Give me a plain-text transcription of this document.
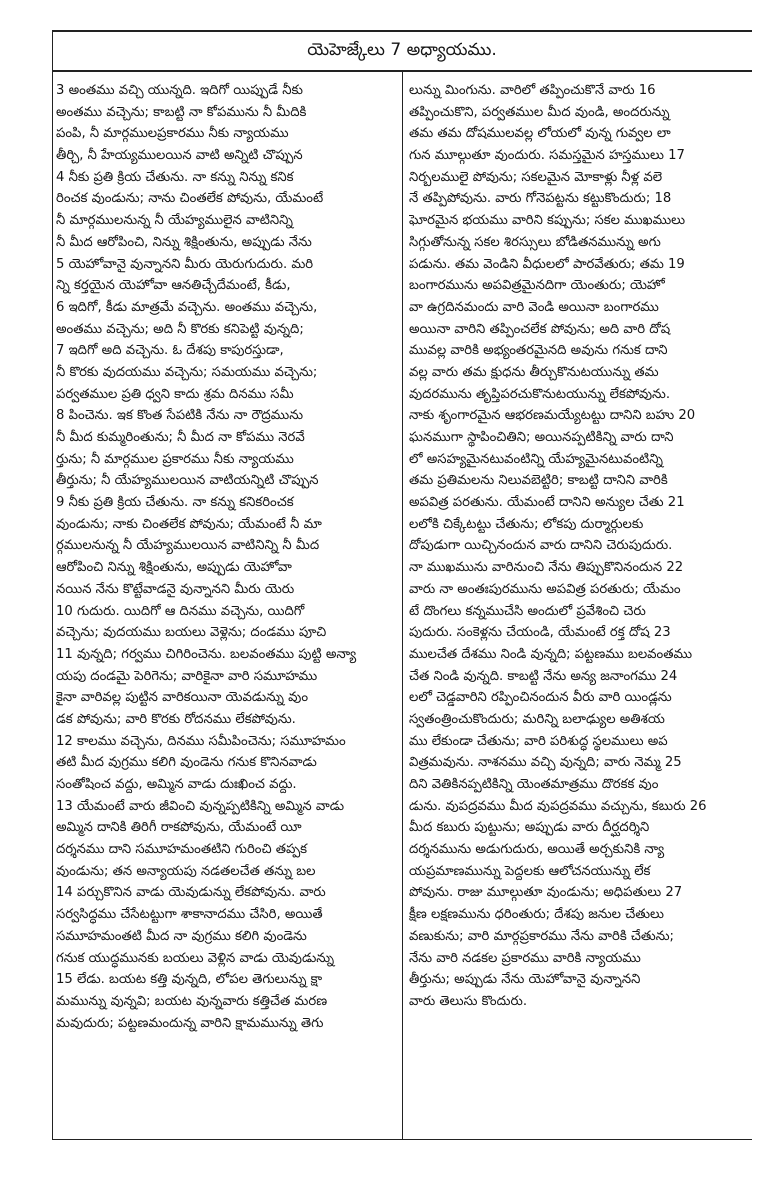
యెహెజ్కేలు 7 అధ్యాయము.
3 అంతము వచ్చి యున్నది. ఇదిగో యిప్పుడే నీకు
అంతము వచ్చెను; కాబట్టి నా కోపమును నీ మీదికి
పంపి, నీ మార్గములప్రకారము నీకు న్యాయము
తీర్చి, నీ హేయ్యములయిన వాటి అన్నిటి చొప్పున
4 నీకు ప్రతి క్రియ చేతును. నా కన్ను నిన్ను కనిక
రించక వుండును; నాను చింతలేక పోవును, యేమంటే
నీ మార్గములనున్న నీ యేహ్యములైన వాటినిన్ని
నీ మీద ఆరోపించి, నిన్ను శిక్షింతును, అప్పుడు నేను
5 యెహోవానై వున్నానని మీరు యెరుగుదురు. మరి
న్ని కర్తయైన యెహోవా ఆనతిచ్చేదేమంటే, కీడు,
6 ఇదిగో, కీడు మాత్రమే వచ్చెను. అంతము వచ్చెను,
అంతము వచ్చెను; అది నీ కొరకు కనిపెట్టి వున్నది;
7 ఇదిగో అది వచ్చెను. ఓ దేశపు కాపురస్తుడా,
నీ కొరకు వుదయము వచ్చెను; సమయము వచ్చెను;
పర్వతముల ప్రతి ధ్వని కాదు శ్రమ దినము సమీ
8 పించెను. ఇక కొంత సేపటికి నేను నా రౌద్రమును
నీ మీద కుమ్మరింతును; నీ మీద నా కోపము నెరవే
ర్తును; నీ మార్గముల ప్రకారము నీకు న్యాయము
తీర్తును; నీ యేహ్యములయిన వాటియన్నిటి చొప్పున
9 నీకు ప్రతి క్రియ చేతును. నా కన్ను కనికరించక
వుండును; నాకు చింతలేక పోవును; యేమంటే నీ మా
ర్గములనున్న నీ యేహ్యములయిన వాటినిన్ని నీ మీద
ఆరోపించి నిన్ను శిక్షింతును, అప్పుడు యెహోవా
నయిన నేను కొట్టేవాడనై వున్నానని మీరు యెరు
10 గుదురు. యిదిగో ఆ దినము వచ్చెను, యిదిగో
వచ్చెను; వుదయము బయలు వెళ్లెను; దండము పూచి
11 వున్నది; గర్వము చిగిరించెను. బలవంతము పుట్టి అన్యా
యపు దండమై పెరిగెను; వారికైనా వారి సమూహము
కైనా వారివల్ల పుట్టిన వారికయినా యెవడున్ను వుం
డక పోవును; వారి కొరకు రోదనము లేకపోవును.
12 కాలము వచ్చెను, దినము సమీపించెను; సమూహమం
తటి మీద వుగ్రము కలిగి వుండెను గనుక కొనినవాడు
సంతోషించ వద్దు, అమ్మిన వాడు దుఃఖించ వద్దు.
13 యేమంటే వారు జీవించి వున్నప్పటికిన్ని అమ్మిన వాడు
అమ్మిన దానికి తిరిగీ రాకపోవును, యేమంటే యీ
దర్శనము దాని సమూహమంతటిని గురించి తప్పక
వుండును; తన అన్యాయపు నడతలచేత తన్ను బల
14 పర్చుకొనిన వాడు యెవుడున్ను లేకపోవును. వారు
సర్వసిద్ధము చేసేటట్టుగా శాకానాదము చేసిరి, అయితే
సమూహమంతటి మీద నా వుగ్రము కలిగి వుండెను
గనుక యుద్ధమునకు బయలు వెళ్లిన వాడు యెవుడున్ను
15 లేడు. బయట కత్తి వున్నది, లోపల తెగులున్ను క్షా
మమున్ను వున్నవి; బయట వున్నవారు కత్తిచేత మరణ
మవుదురు; పట్టణమందున్న వారిని క్షామమున్ను తెగు
లున్ను మింగును. వారిలో తప్పించుకొనే వారు 16
తప్పించుకొని, పర్వతముల మీద వుండి, అందరున్ను
తమ తమ దోషములవల్ల లోయలో వున్న గువ్వల లా
గున మూల్గుతూ వుందురు. సమస్తమైన హస్తములు 17
నిర్బలములై పోవును; సకలమైన మోకాళ్లు నీళ్ల వలె
నే తప్పిపోవును. వారు గోనెపట్టను కట్టుకొందురు; 18
ఘోరమైన భయము వారిని కప్పును; సకల ముఖములు
సిగ్గుతోనున్న సకల శిరస్సులు బోడితనమున్ను అగు
పడును. తమ వెండిని వీధులలో పారవేతురు; తమ 19
బంగారమును అపవిత్రమైనదిగా యెంతురు; యెహో
వా ఉగ్రదినమందు వారి వెండి అయినా బంగారము
అయినా వారిని తప్పించలేక పోవును; అది వారి దోష
మువల్ల వారికి అభ్యంతరమైనది అవును గనుక దాని
వల్ల వారు తమ క్షుధను తీర్చుకొనుటయున్ను తమ
వుదరమును తృప్తిపరచుకొనుటయున్ను లేకపోవును.
నాకు శృంగారమైన ఆభరణమయ్యేటట్టు దానిని బహు 20
ఘనముగా స్థాపించితిని; అయినప్పటికిన్ని వారు దాని
లో అసహ్యమైనటువంటిన్ని యేహ్యమైనటువంటిన్ని
తమ ప్రతిమలను నిలువబెట్టిరి; కాబట్టి దానిని వారికి
అపవిత్ర పరతును. యేమంటే దానిని అన్యుల చేతు 21
లలోకి చిక్కేటట్టు చేతును; లోకపు దుర్మార్గులకు
దోపుడుగా యిచ్చినందున వారు దానిని చెరుపుదురు.
నా ముఖమును వారినుంచి నేను తిప్పుకొనినందున 22
వారు నా అంతఃపురమును అపవిత్ర పరతురు; యేమం
టే దొంగలు కన్నముచేసి అందులో ప్రవేశించి చెరు
పుదురు. సంకెళ్లను చేయండి, యేమంటే రక్త దోష 23
ములచేత దేశము నిండి వున్నది; పట్టణము బలవంతము
చేత నిండి వున్నది. కాబట్టి నేను అన్య జనాంగము 24
లలో చెడ్డవారిని రప్పించినందున వీరు వారి యిండ్లను
స్వతంత్రించుకొందురు; మరిన్ని బలాఢ్యుల అతిశయ
ము లేకుండా చేతును; వారి పరిశుద్ధ స్థలములు అప
విత్రమవును. నాశనము వచ్చి వున్నది; వారు నెమ్మ 25
దిని వెతికినప్పటికిన్ని యెంతమాత్రము దొరకక వుం
డును. వుపద్రవము మీద వుపద్రవము వచ్చును, కబురు 26
మీద కబురు పుట్టును; అప్పుడు వారు దీర్ఘదర్శిని
దర్శనమును అడుగుదురు, అయితే అర్చకునికి న్యా
యప్రమాణమున్ను పెద్దలకు ఆలోచనయున్ను లేక
పోవును. రాజు మూల్గుతూ వుండును; అధిపతులు 27
క్షీణ లక్షణమును ధరింతురు; దేశపు జనుల చేతులు
వణుకును; వారి మార్గప్రకారము నేను వారికి చేతును;
నేను వారి నడకల ప్రకారము వారికి న్యాయము
తీర్తును; అప్పుడు నేను యెహోవానై వున్నానని
వారు తెలుసు కొందురు.
